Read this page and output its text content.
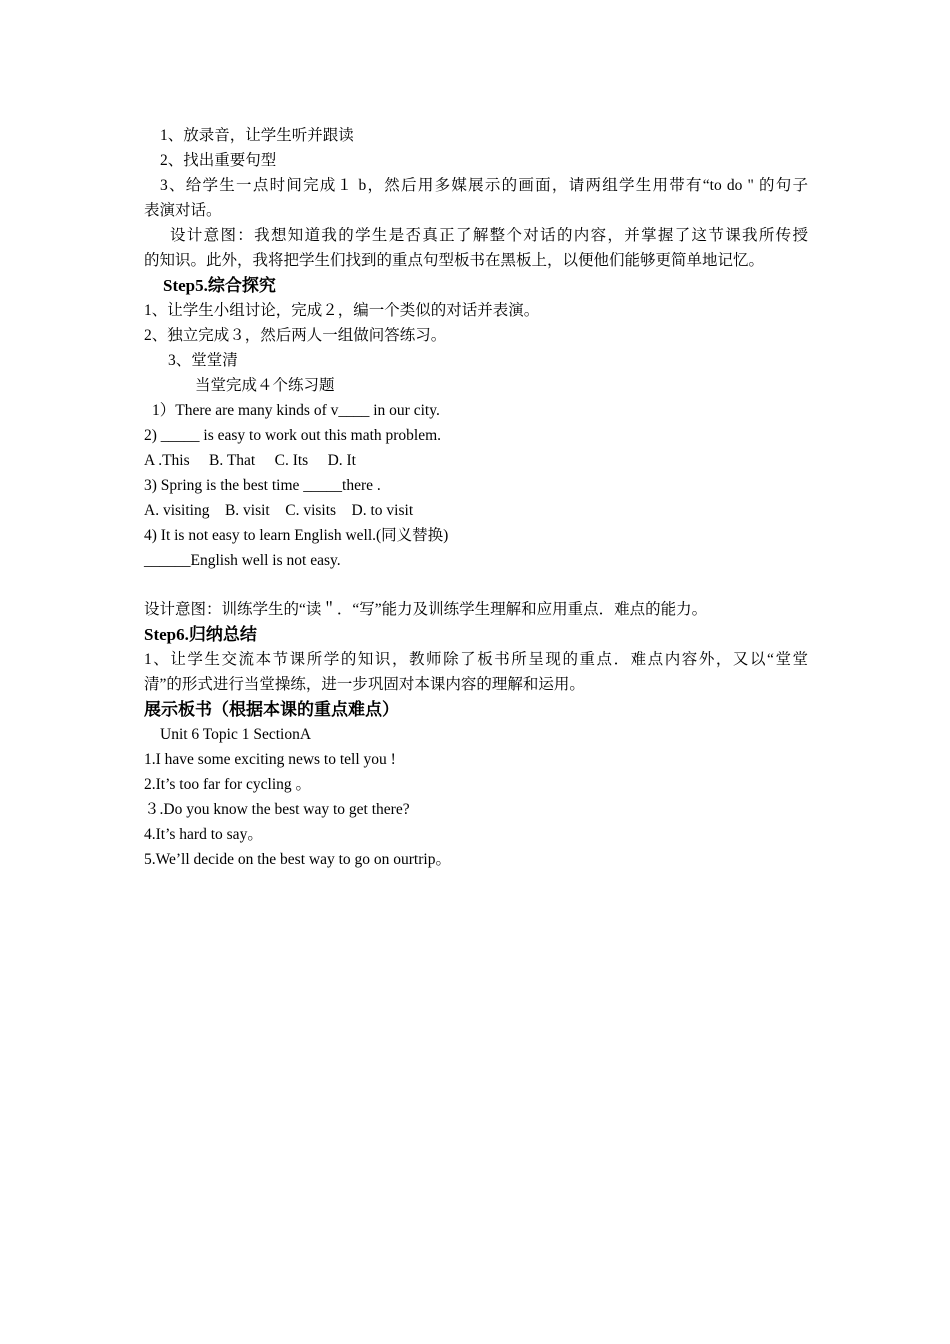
1、放录音，让学生听并跟读
2、找出重要句型
3、给学生一点时间完成１ b，然后用多媒展示的画面，请两组学生用带有“to do " 的句子
表演对话。
设计意图：我想知道我的学生是否真正了解整个对话的内容，并掌握了这节课我所传授
的知识。此外，我将把学生们找到的重点句型板书在黑板上，以便他们能够更简单地记忆。
Step5.综合探究
1、让学生小组讨论，完成２，编一个类似的对话并表演。
2、独立完成３，然后两人一组做问答练习。
3、堂堂清
当堂完成４个练习题
1）There are many kinds of v____ in our city.
2) _____ is easy to work out this math problem.
A .This     B. That     C. Its     D. It
3) Spring is the best time _____there .
A. visiting    B. visit    C. visits    D. to visit
4) It is not easy to learn English well.(同义替换)
______English well is not easy.
设计意图：训练学生的“读＂．“写”能力及训练学生理解和应用重点．难点的能力。
Step6.归纳总结
1、让学生交流本节课所学的知识，教师除了板书所呈现的重点．难点内容外，又以“堂堂
清”的形式进行当堂操练，进一步巩固对本课内容的理解和运用。
展示板书（根据本课的重点难点）
Unit 6 Topic 1 SectionA
1.I have some exciting news to tell you !
2.It’s too far for cycling 。
３.Do you know the best way to get there?
4.It’s hard to say。
5.We’ll decide on the best way to go on ourtrip。
